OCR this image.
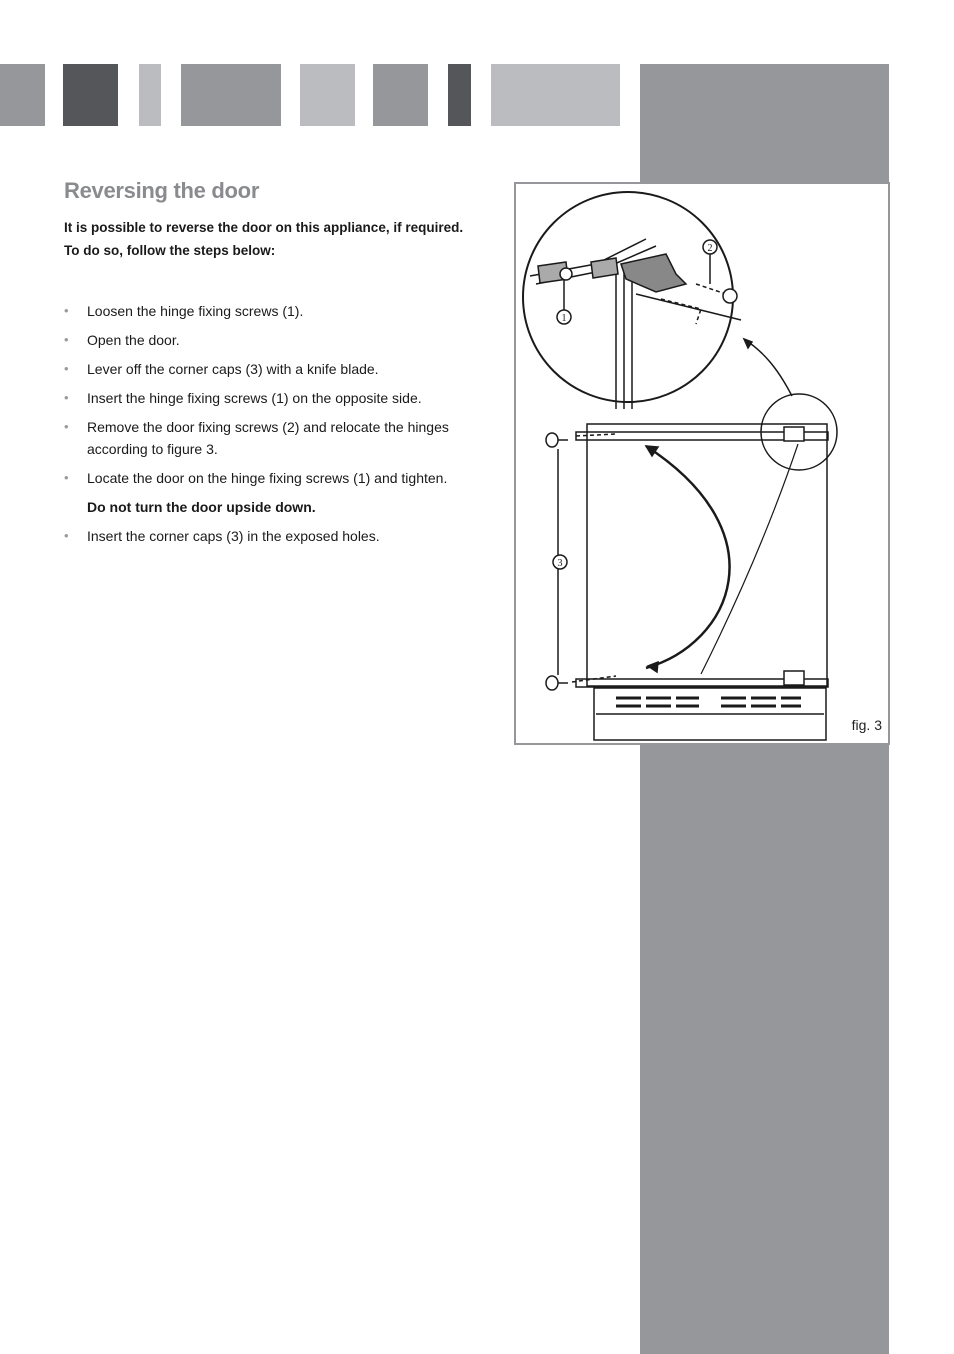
Reversing the door

It is possible to reverse the door on this appliance, if required.
To do so, follow the steps below:

• Loosen the hinge fixing screws (1).
• Open the door.
• Lever off the corner caps (3) with a knife blade.
• Insert the hinge fixing screws (1) on the opposite side.
• Remove the door fixing screws (2) and relocate the hinges according to figure 3.
• Locate the door on the hinge fixing screws (1) and tighten.
Do not turn the door upside down.
• Insert the corner caps (3) in the exposed holes.
1
2
3
fig. 3
